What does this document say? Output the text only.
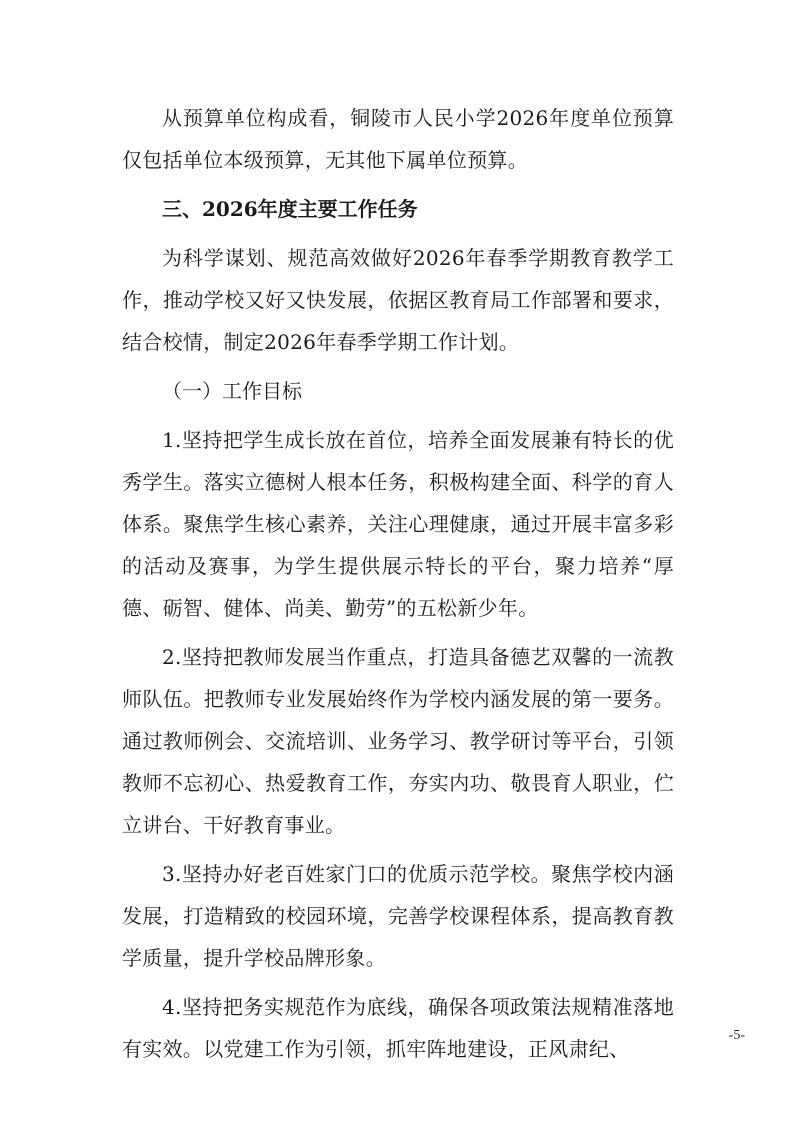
从预算单位构成看，铜陵市人民小学2026年度单位预算仅包括单位本级预算，无其他下属单位预算。

三、2026年度主要工作任务

为科学谋划、规范高效做好2026年春季学期教育教学工作，推动学校又好又快发展，依据区教育局工作部署和要求，结合校情，制定2026年春季学期工作计划。

（一）工作目标

1.坚持把学生成长放在首位，培养全面发展兼有特长的优秀学生。落实立德树人根本任务，积极构建全面、科学的育人体系。聚焦学生核心素养，关注心理健康，通过开展丰富多彩的活动及赛事，为学生提供展示特长的平台，聚力培养“厚德、砺智、健体、尚美、勤劳”的五松新少年。

2.坚持把教师发展当作重点，打造具备德艺双馨的一流教师队伍。把教师专业发展始终作为学校内涵发展的第一要务。通过教师例会、交流培训、业务学习、教学研讨等平台，引领教师不忘初心、热爱教育工作，夯实内功、敬畏育人职业，伫立讲台、干好教育事业。

3.坚持办好老百姓家门口的优质示范学校。聚焦学校内涵发展，打造精致的校园环境，完善学校课程体系，提高教育教学质量，提升学校品牌形象。

4.坚持把务实规范作为底线，确保各项政策法规精准落地有实效。以党建工作为引领，抓牢阵地建设，正风肃纪、

-5-
